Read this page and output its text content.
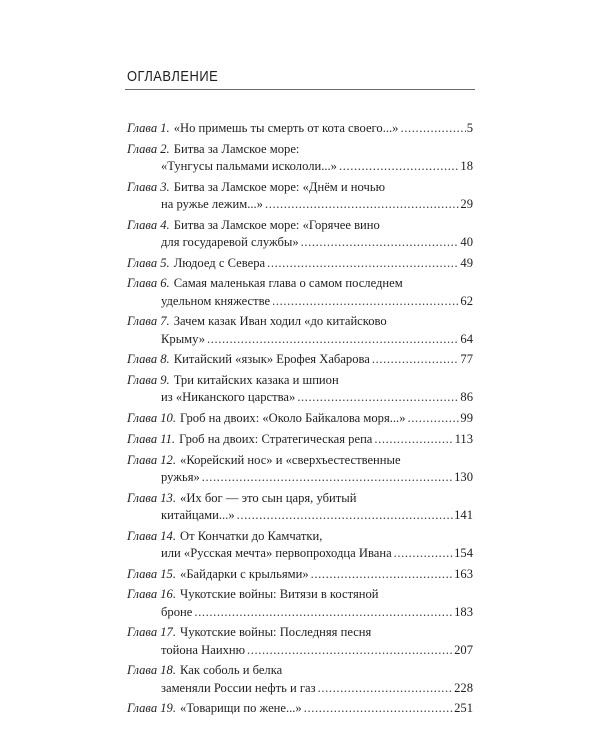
ОГЛАВЛЕНИЕ
Глава 1. «Но примешь ты смерть от кота своего...» .....	5
Глава 2. Битва за Ламское море:
«Тунгусы пальмами искололи...» .....	18
Глава 3. Битва за Ламское море: «Днём и ночью
на ружье лежим...» .....	29
Глава 4. Битва за Ламское море: «Горячее вино
для государевой службы» .....	40
Глава 5. Людоед с Севера .....	49
Глава 6. Самая маленькая глава о самом последнем
удельном княжестве .....	62
Глава 7. Зачем казак Иван ходил «до китайсково
Крыму» .....	64
Глава 8. Китайский «язык» Ерофея Хабарова .....	77
Глава 9. Три китайских казака и шпион
из «Никанского царства» .....	86
Глава 10. Гроб на двоих: «Около Байкалова моря...» .....	99
Глава 11. Гроб на двоих: Стратегическая репа .....	113
Глава 12. «Корейский нос» и «сверхъестественные
ружья» .....	130
Глава 13. «Их бог — это сын царя, убитый
китайцами...» .....	141
Глава 14. От Кончатки до Камчатки,
или «Русская мечта» первопроходца Ивана .....	154
Глава 15. «Байдарки с крыльями» .....	163
Глава 16. Чукотские войны: Витязи в костяной
броне .....	183
Глава 17. Чукотские войны: Последняя песня
тойона Наихню .....	207
Глава 18. Как соболь и белка
заменяли России нефть и газ .....	228
Глава 19. «Товарищи по жене...» .....	251
